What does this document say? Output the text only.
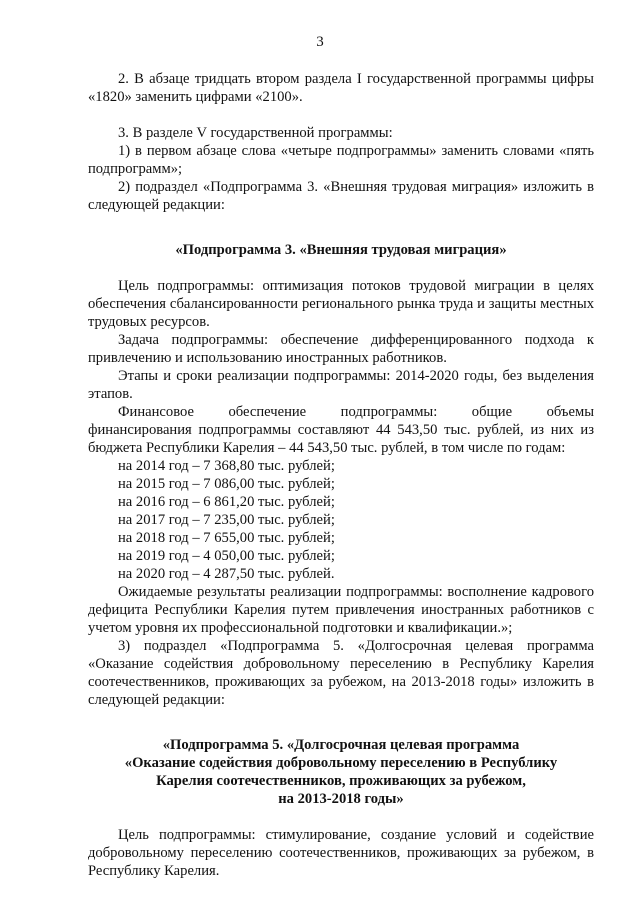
3

2. В абзаце тридцать втором раздела I государственной программы цифры «1820» заменить цифрами «2100».

3. В разделе V государственной программы:

1) в первом абзаце слова «четыре подпрограммы» заменить словами «пять подпрограмм»;

2) подраздел «Подпрограмма 3. «Внешняя трудовая миграция» изложить в следующей редакции:

«Подпрограмма 3. «Внешняя трудовая миграция»

Цель подпрограммы: оптимизация потоков трудовой миграции в целях обеспечения сбалансированности регионального рынка труда и защиты местных трудовых ресурсов.

Задача подпрограммы: обеспечение дифференцированного подхода к привлечению и использованию иностранных работников.

Этапы и сроки реализации подпрограммы: 2014-2020 годы, без выделения этапов.

Финансовое обеспечение подпрограммы: общие объемы

финансирования подпрограммы составляют 44 543,50 тыс. рублей, из них из бюджета Республики Карелия – 44 543,50 тыс. рублей, в том числе по годам:

на 2014 год – 7 368,80 тыс. рублей;
на 2015 год – 7 086,00 тыс. рублей;
на 2016 год – 6 861,20 тыс. рублей;
на 2017 год – 7 235,00 тыс. рублей;
на 2018 год – 7 655,00 тыс. рублей;
на 2019 год – 4 050,00 тыс. рублей;
на 2020 год – 4 287,50 тыс. рублей.

Ожидаемые результаты реализации подпрограммы: восполнение кадрового дефицита Республики Карелия путем привлечения иностранных работников с учетом уровня их профессиональной подготовки и квалификации.»;

3) подраздел «Подпрограмма 5. «Долгосрочная целевая программа «Оказание содействия добровольному переселению в Республику Карелия соотечественников, проживающих за рубежом, на 2013-2018 годы» изложить в следующей редакции:

«Подпрограмма 5. «Долгосрочная целевая программа

«Оказание содействия добровольному переселению в Республику

Карелия соотечественников, проживающих за рубежом,

на 2013-2018 годы»

Цель подпрограммы: стимулирование, создание условий и содействие добровольному переселению соотечественников, проживающих за рубежом, в Республику Карелия.
